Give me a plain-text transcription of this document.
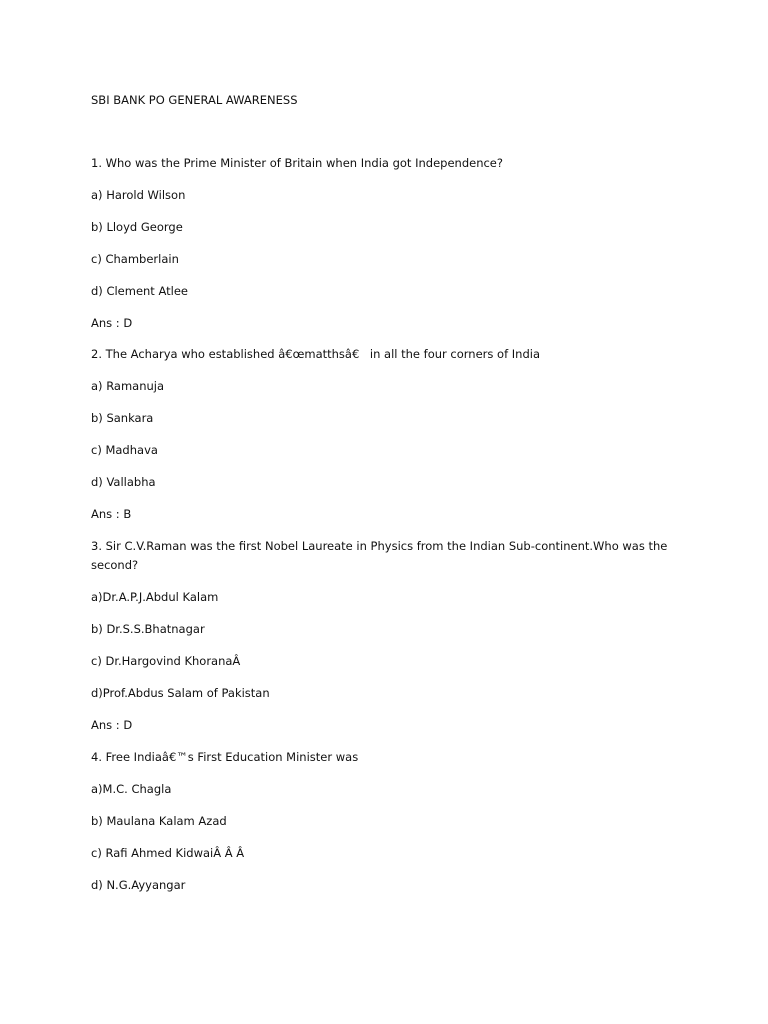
SBI BANK PO GENERAL AWARENESS
1. Who was the Prime Minister of Britain when India got Independence?
a) Harold Wilson
b) Lloyd George
c) Chamberlain
d) Clement Atlee
Ans : D
2. The Acharya who established â€œmatthsâ€ in all the four corners of India
a) Ramanuja
b) Sankara
c) Madhava
d) Vallabha
Ans : B
3. Sir C.V.Raman was the first Nobel Laureate in Physics from the Indian Sub-continent.Who was the
second?
a)Dr.A.P.J.Abdul Kalam
b) Dr.S.S.Bhatnagar
c) Dr.Hargovind KhoranaÂ
d)Prof.Abdus Salam of Pakistan
Ans : D
4. Free Indiaâ€™s First Education Minister was
a)M.C. Chagla
b) Maulana Kalam Azad
c) Rafi Ahmed KidwaiÂ Â Â
d) N.G.Ayyangar
